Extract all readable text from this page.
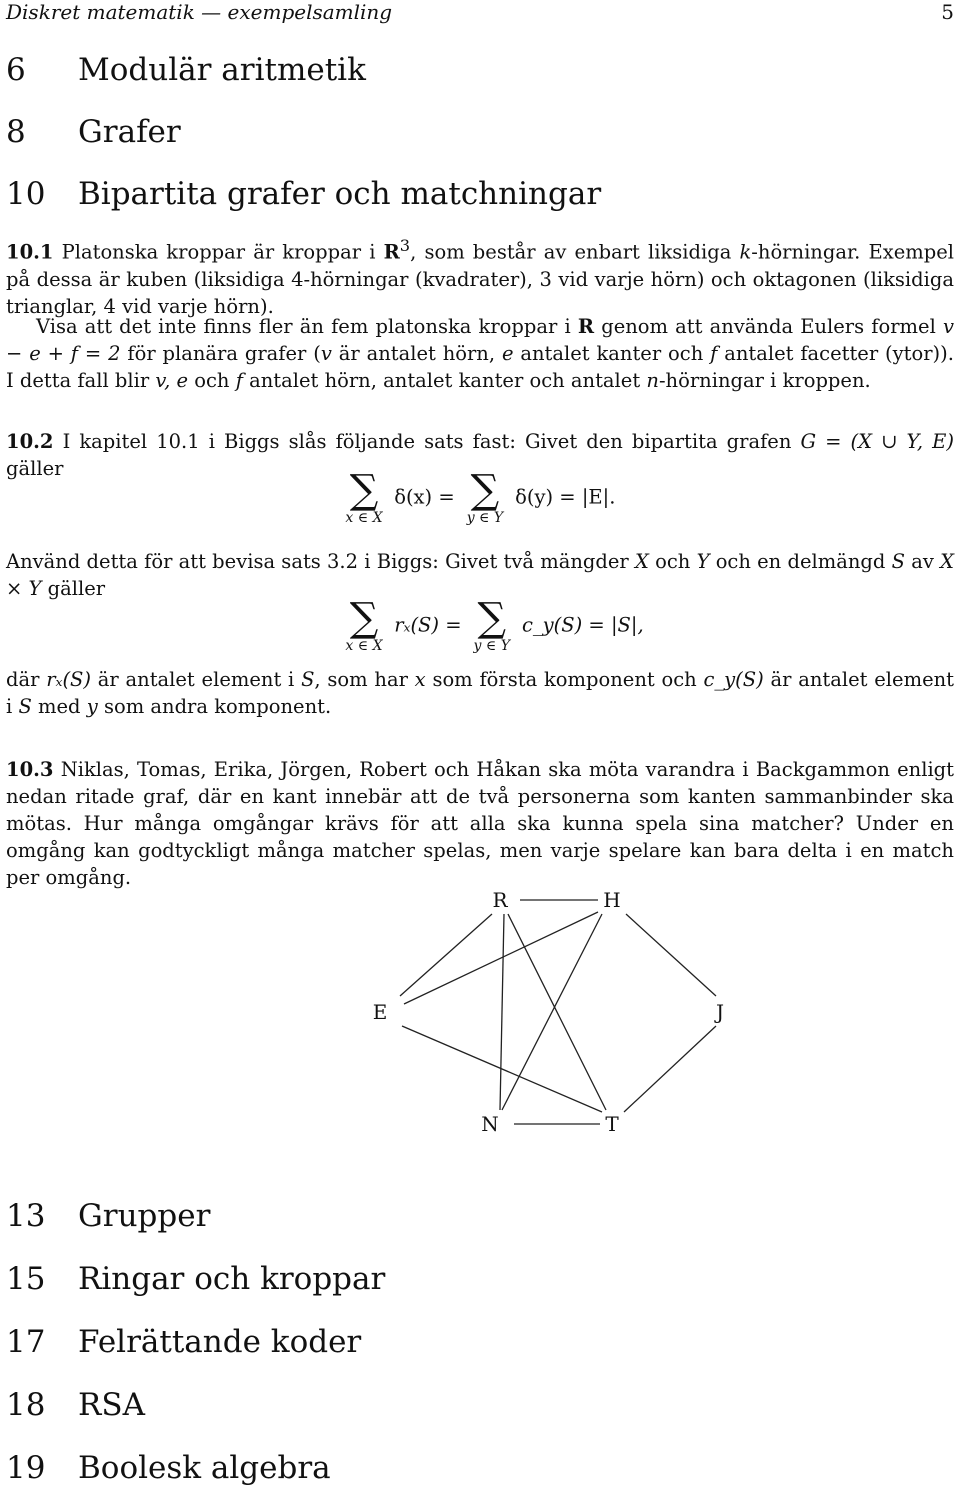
Diskret matematik — exempelsamling	5
6 Modulär aritmetik
8 Grafer
10 Bipartita grafer och matchningar
10.1 Platonska kroppar är kroppar i $R^3$, som består av enbart liksidiga k-hörningar. Exempel på dessa är kuben (liksidiga 4-hörningar (kvadrater), 3 vid varje hörn) och oktagonen (liksidiga trianglar, 4 vid varje hörn).
Visa att det inte finns fler än fem platonska kroppar i R genom att använda Eulers formel v − e + f = 2 för planära grafer (v är antalet hörn, e antalet kanter och f antalet facetter (ytor)). I detta fall blir v, e och f antalet hörn, antalet kanter och antalet n-hörningar i kroppen.
10.2 I kapitel 10.1 i Biggs slås följande sats fast: Givet den bipartita grafen G = (X ∪ Y, E) gäller	∑
x ∈ X
δ(x) = ∑
y ∈ Y
δ(y) = |E|.
Använd detta för att bevisa sats 3.2 i Biggs: Givet två mängder X och Y och en delmängd S av X × Y gäller
∑
x ∈ X
rₓ(S) = ∑
y ∈ Y
c_y(S) = |S|,
där rₓ(S) är antalet element i S, som har x som första komponent och c_y(S) är antalet element i S med y som andra komponent.
10.3 Niklas, Tomas, Erika, Jörgen, Robert och Håkan ska möta varandra i Backgammon enligt nedan ritade graf, där en kant innebär att de två personerna som kanten sammanbinder ska mötas. Hur många omgångar krävs för att alla ska kunna spela sina matcher? Under en omgång kan godtyckligt många matcher spelas, men varje spelare kan bara delta i en match per omgång.
R	H
E	J
N	T
13 Grupper
15 Ringar och kroppar
17 Felrättande koder
18 RSA
19 Boolesk algebra
